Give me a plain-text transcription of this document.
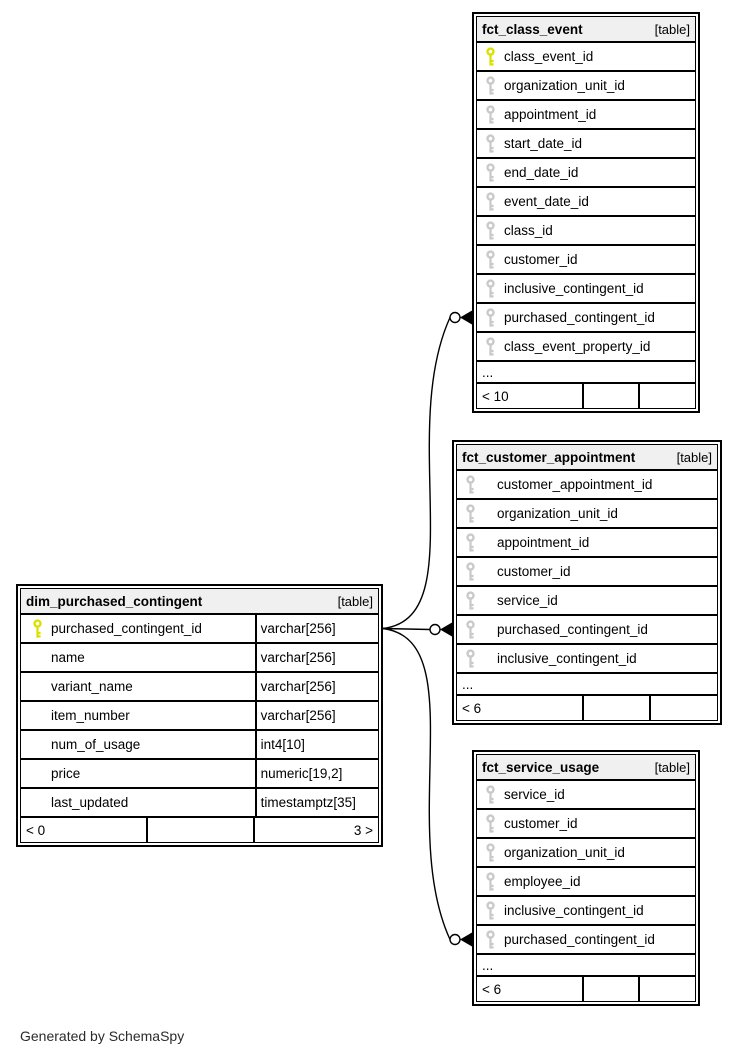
fct_class_event	[table]
class_event_id
organization_unit_id
appointment_id
start_date_id
end_date_id
event_date_id
class_id
customer_id
inclusive_contingent_id
purchased_contingent_id
class_event_property_id
...
< 10
fct_customer_appointment	[table]
customer_appointment_id
organization_unit_id
appointment_id
customer_id
service_id
purchased_contingent_id
inclusive_contingent_id
...
< 6
fct_service_usage	[table]
service_id
customer_id
organization_unit_id
employee_id
inclusive_contingent_id
purchased_contingent_id
...
< 6
dim_purchased_contingent	[table]
purchased_contingent_id	varchar[256]
name	varchar[256]
variant_name	varchar[256]
item_number	varchar[256]
num_of_usage	int4[10]
price	numeric[19,2]
last_updated	timestamptz[35]
< 0	3 >
Generated by SchemaSpy
